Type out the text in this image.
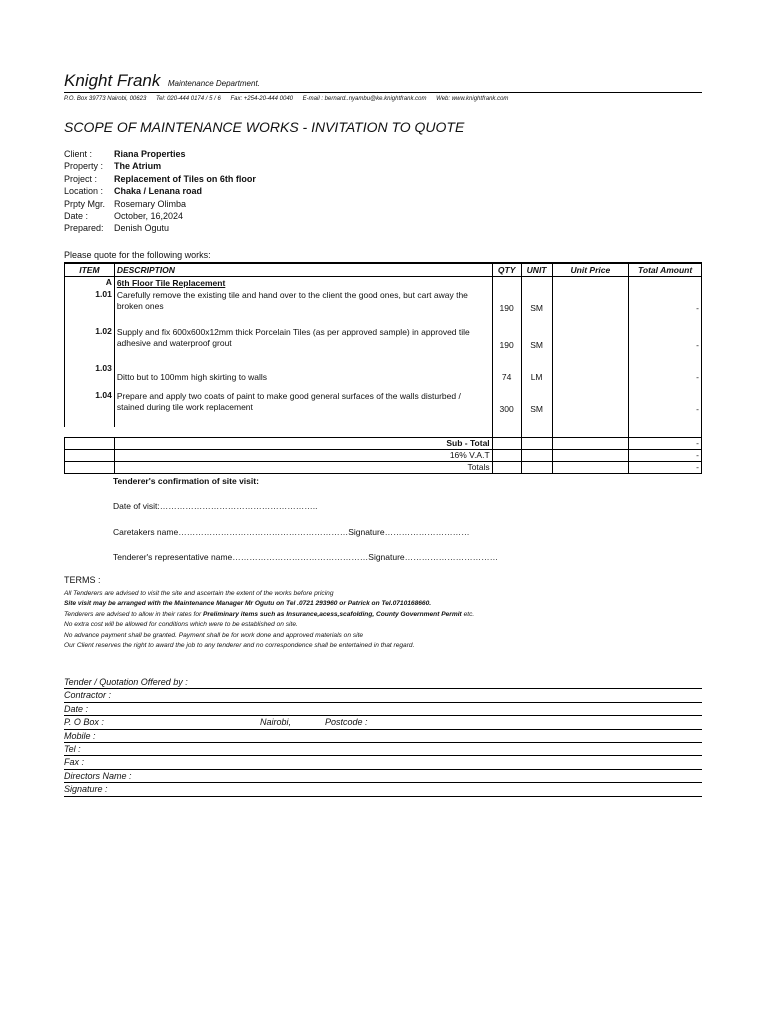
Knight Frank Maintenance Department.
P.O. Box 39773 Nairobi, 00623 Tel: 020-444 0174 / 5 / 6 Fax: +254-20-444 0040 E-mail : bernard..nyambu@ke.knightfrank.com Web: www.knightfrank.com
SCOPE OF MAINTENANCE WORKS - INVITATION TO QUOTE
Client : Riana Properties
Property : The Atrium
Project : Replacement of Tiles on 6th floor
Location : Chaka / Lenana road
Prpty Mgr. Rosemary Olimba
Date :	October, 16,2024
Prepared: Denish Ogutu
Please quote for the following works:
ITEM	DESCRIPTION	QTY	UNIT	Unit Price	Total Amount
A	6th Floor Tile Replacement				
1.01	Carefully remove the existing tile and hand over to the client the good ones, but cart away the broken ones	190	SM		-
1.02	Supply and fix 600x600x12mm thick Porcelain Tiles (as per approved sample) in approved tile adhesive and waterproof grout	190	SM		-
1.03	Ditto but to 100mm high skirting to walls	74	LM		-
1.04	Prepare and apply two coats of paint to make good general surfaces of the walls disturbed / stained during tile work replacement	300	SM		-

	Sub - Total				-
	16% V.A.T				-
	Totals				-
Tenderer's confirmation of site visit:
Date of visit:………………………………………………..
Caretakers name……………………………………………………Signature…………………………
Tenderer's representative name…………………………………………Signature……………………………
TERMS :
All Tenderers are advised to visit the site and ascertain the extent of the works before pricing
Site visit may be arranged with the Maintenance Manager Mr Ogutu on Tel .0721 293960 or Patrick on Tel.0710168660.
Tenderers are advised to allow in their rates for Preliminary items such as Insurance,acess,scafolding, County Government Permit etc.
No extra cost will be allowed for conditions which were to be established on site.
No advance payment shall be granted. Payment shall be for work done and approved materials on site
Our Client reserves the right to award the job to any tenderer and no correspondence shall be entertained in that regard.
Tender / Quotation Offered by :
Contractor :
Date :
P. O Box :	Nairobi,	Postcode :
Mobile :
Tel :
Fax :
Directors Name :
Signature :
